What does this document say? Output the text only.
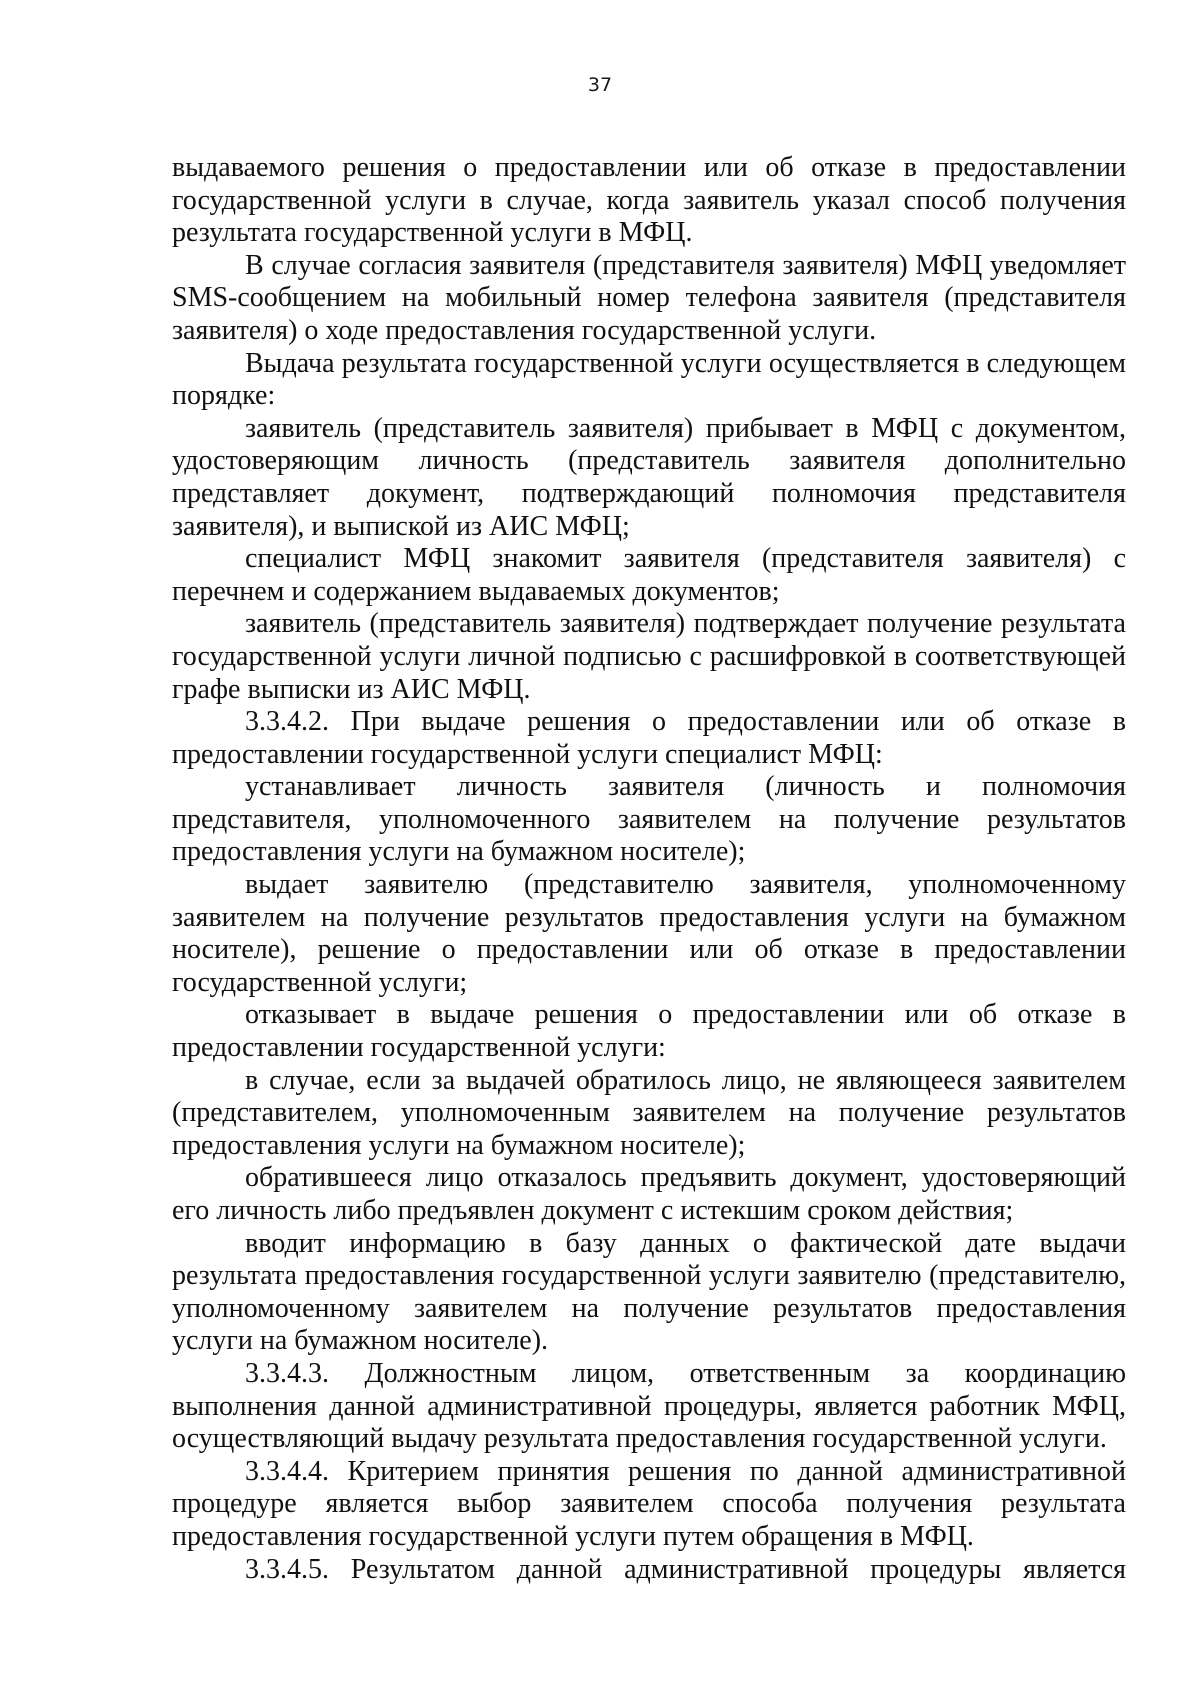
37

выдаваемого решения о предоставлении или об отказе в предоставлении государственной услуги в случае, когда заявитель указал способ получения результата государственной услуги в МФЦ.

В случае согласия заявителя (представителя заявителя) МФЦ уведомляет SMS-сообщением на мобильный номер телефона заявителя (представителя заявителя) о ходе предоставления государственной услуги.

Выдача результата государственной услуги осуществляется в следующем порядке:

заявитель (представитель заявителя) прибывает в МФЦ с документом, удостоверяющим личность (представитель заявителя дополнительно представляет документ, подтверждающий полномочия представителя заявителя), и выпиской из АИС МФЦ;

специалист МФЦ знакомит заявителя (представителя заявителя) с перечнем и содержанием выдаваемых документов;

заявитель (представитель заявителя) подтверждает получение результата государственной услуги личной подписью с расшифровкой в соответствующей графе выписки из АИС МФЦ.

3.3.4.2. При выдаче решения о предоставлении или об отказе в предоставлении государственной услуги специалист МФЦ:

устанавливает личность заявителя (личность и полномочия представителя, уполномоченного заявителем на получение результатов предоставления услуги на бумажном носителе);

выдает заявителю (представителю заявителя, уполномоченному заявителем на получение результатов предоставления услуги на бумажном носителе), решение о предоставлении или об отказе в предоставлении государственной услуги;

отказывает в выдаче решения о предоставлении или об отказе в предоставлении государственной услуги:

в случае, если за выдачей обратилось лицо, не являющееся заявителем (представителем, уполномоченным заявителем на получение результатов предоставления услуги на бумажном носителе);

обратившееся лицо отказалось предъявить документ, удостоверяющий его личность либо предъявлен документ с истекшим сроком действия;

вводит информацию в базу данных о фактической дате выдачи результата предоставления государственной услуги заявителю (представителю, уполномоченному заявителем на получение результатов предоставления услуги на бумажном носителе).

3.3.4.3. Должностным лицом, ответственным за координацию выполнения данной административной процедуры, является работник МФЦ, осуществляющий выдачу результата предоставления государственной услуги.

3.3.4.4. Критерием принятия решения по данной административной процедуре является выбор заявителем способа получения результата предоставления государственной услуги путем обращения в МФЦ.

3.3.4.5. Результатом данной административной процедуры является
